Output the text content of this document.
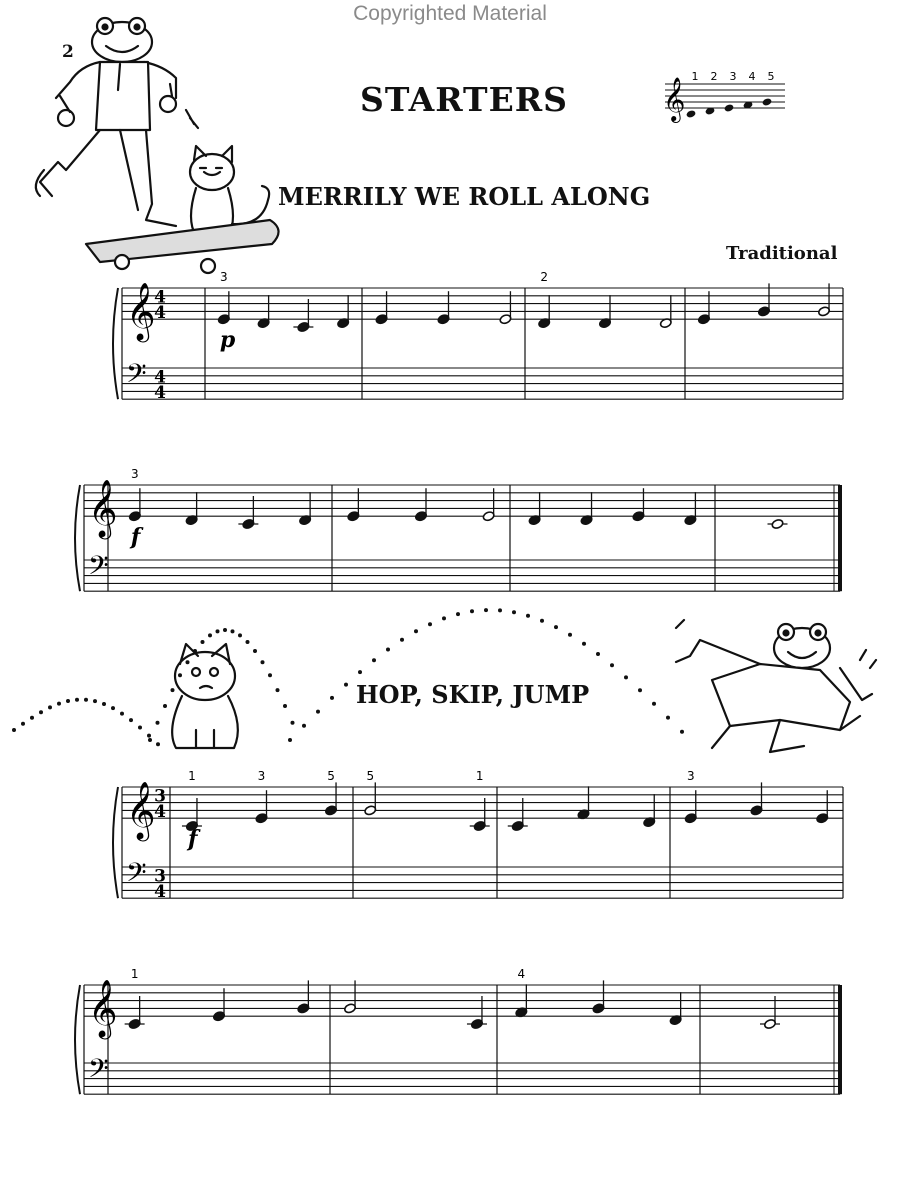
Copyrighted Material
2
STARTERS
MERRILY WE ROLL ALONG
Traditional
HOP, SKIP, JUMP
𝄞
1 2 3 4 5
𝄞
𝄢
4
4
4
4
3	2
p
𝄞
𝄢
3
f
𝄞
𝄢
3
4
3
4
1	3	5	5	1	3
f
𝄞
𝄢
1	4
